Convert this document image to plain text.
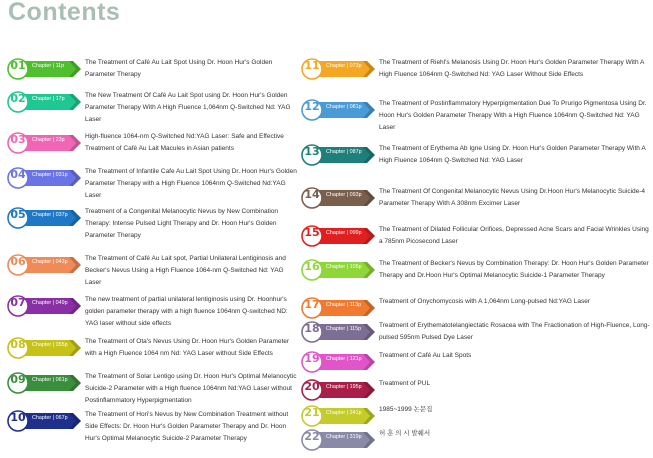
Contents
01	Chapter | 11p	The Treatment of Café Au Lait Spot Using Dr. Hoon Hur's Golden Parameter Therapy
02	Chapter | 17p	The New Treatment Of Café Au Lait Spot using Dr. Hoon Hur's Golden Parameter Therapy With A High Fluence 1,064nm Q-Switched Nd: YAG Laser
03	Chapter | 23p	High-fluence 1064-nm Q-Switched Nd:YAG Laser: Safe and Effective Treatment of Café Au Lait Macules in Asian patients
04	Chapter | 031p	The Treatment of Infantile Cafe Au Lait Spot Using Dr. Hoon Hur's Golden Parameter Therapy with a High Fluence 1064nm Q-Switched Nd:YAG Laser
05	Chapter | 037p	Treatment of a Congenital Melanocytic Nevus by New Combination Therapy: Intense Pulsed Light Therapy and Dr. Hoon Hur's Golden Parameter Therapy
06	Chapter | 043p	The Treatment of Café Au Lait spot, Partial Unilateral Lentiginosis and Becker's Nevus Using a High Fluence 1064-nm Q-Switched Nd: YAG Laser
07	Chapter | 049p	The new treatment of partial unilateral lentiginosis using Dr. Hoonhur's golden parameter therapy with a high fluence 1064nm Q-switched ND: YAG laser without side effects
08	Chapter | 055p	The Treatment of Ota's Nevus Using Dr. Hoon Hur's Golden Parameter with a High Fluence 1064 nm Nd: YAG Laser without Side Effects
09	Chapter | 061p	The Treatment of Solar Lentigo using Dr. Hoon Hur's Optimal Melanocytic Suicide-2 Parameter with a High fluence 1064nm Nd:YAG Laser without Postinflammatory Hyperpigmentation
10	Chapter | 067p	The Treatment of Hori's Nevus by New Combination Treatment without Side Effects: Dr. Hoon Hur's Golden Parameter Therapy and Dr. Hoon Hur's Optimal Melanocytic Suicide-2 Parameter Therapy
11	Chapter | 073p	The Treatment of Riehl's Melanosis Using Dr. Hoon Hur's Golden Parameter Therapy With A High Fluence 1064nm Q-Switched Nd: YAG Laser Without Side Effects
12	Chapter | 081p	The Treatment of Postinflammatory Hyperpigmentation Due To Prurigo Pigmentosa Using Dr. Hoon Hur's Golden Parameter Therapy With a High Fluence 1064nm Q-Switched Nd: YAG Laser
13	Chapter | 087p	The Treatment of Erythema Ab Igne Using Dr. Hoon Hur's Golden Parameter Therapy With A High Fluence 1064nm Q-Switched Nd: YAG Laser
14	Chapter | 093p	The Treatment Of Congenital Melanocytic Nevus Using Dr.Hoon Hur's Melanocytic Suicide-4 Parameter Therapy With A 308nm Excimer Laser
15	Chapter | 099p	The Treatment of Dilated Follicular Orifices, Depressed Acne Scars and Facial Wrinkles Using a 785nm Picosecond Laser
16	Chapter | 105p	The Treatment of Becker's Nevus by Combination Therapy: Dr. Hoon Hur's Golden Parameter Therapy and Dr.Hoon Hur's Optimal Melanocytic Suicide-1 Parameter Therapy
17	Chapter | 113p	Treatment of Onychomycosis with A 1,064nm Long-pulsed Nd:YAG Laser
18	Chapter | 115p	Treatment of Erythematotelangiectatic Rosacea with The Fractionation of High-Fluence, Long-pulsed 595nm Pulsed Dye Laser
19	Chapter | 121p	Treatment of Café Au Lait Spots
20	Chapter | 195p	Treatment of PUL
21	Chapter | 241p	1985~1999 논문집
22	Chapter | 319p	허 훈 의 시 발췌서
